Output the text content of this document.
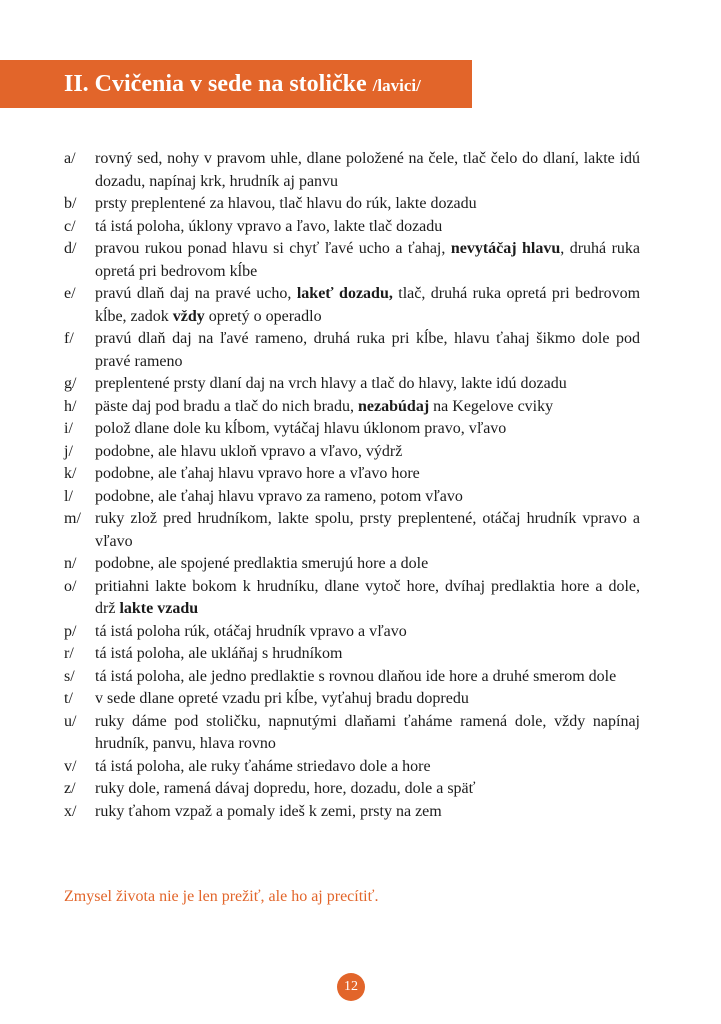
II. Cvičenia v sede na stoličke /lavici/
a/	rovný sed, nohy v pravom uhle, dlane položené na čele, tlač čelo do dlaní, lakte idú dozadu, napínaj krk, hrudník aj panvu
b/	prsty preplentené za hlavou, tlač hlavu do rúk, lakte dozadu
c/	tá istá poloha, úklony vpravo a ľavo, lakte tlač dozadu
d/	pravou rukou ponad hlavu si chyť ľavé ucho a ťahaj, nevytáčaj hlavu, druhá ruka opretá pri bedrovom kĺbe
e/	pravú dlaň daj na pravé ucho, lakeť dozadu, tlač, druhá ruka opretá pri bedrovom kĺbe, zadok vždy opretý o operadlo
f/	pravú dlaň daj na ľavé rameno, druhá ruka pri kĺbe, hlavu ťahaj šikmo dole pod pravé rameno
g/	preplentené prsty dlaní daj na vrch hlavy a tlač do hlavy, lakte idú dozadu
h/	päste daj pod bradu a tlač do nich bradu, nezabúdaj na Kegelove cviky
i/	polož dlane dole ku kĺbom, vytáčaj hlavu úklonom pravo, vľavo
j/	podobne, ale hlavu ukloň vpravo a vľavo, výdrž
k/	podobne, ale ťahaj hlavu vpravo hore a vľavo hore
l/	podobne, ale ťahaj hlavu vpravo za rameno, potom vľavo
m/ ruky zlož pred hrudníkom, lakte spolu, prsty preplentené, otáčaj hrudník vpravo a vľavo
n/	podobne, ale spojené predlaktia smerujú hore a dole
o/	pritiahni lakte bokom k hrudníku, dlane vytoč hore, dvíhaj predlaktia hore a dole, drž lakte vzadu
p/	tá istá poloha rúk, otáčaj hrudník vpravo a vľavo
r/	tá istá poloha, ale ukláňaj s hrudníkom
s/	tá istá poloha, ale jedno predlaktie s rovnou dlaňou ide hore a druhé smerom dole
t/	v sede dlane opreté vzadu pri kĺbe, vyťahuj bradu dopredu
u/	ruky dáme pod stoličku, napnutými dlaňami ťaháme ramená dole, vždy napínaj hrudník, panvu, hlava rovno
v/	tá istá poloha, ale ruky ťaháme striedavo dole a hore
z/	ruky dole, ramená dávaj dopredu, hore, dozadu, dole a späť
x/	ruky ťahom vzpaž a pomaly ideš k zemi, prsty na zem
Zmysel života nie je len prežiť, ale ho aj precítiť.
12
